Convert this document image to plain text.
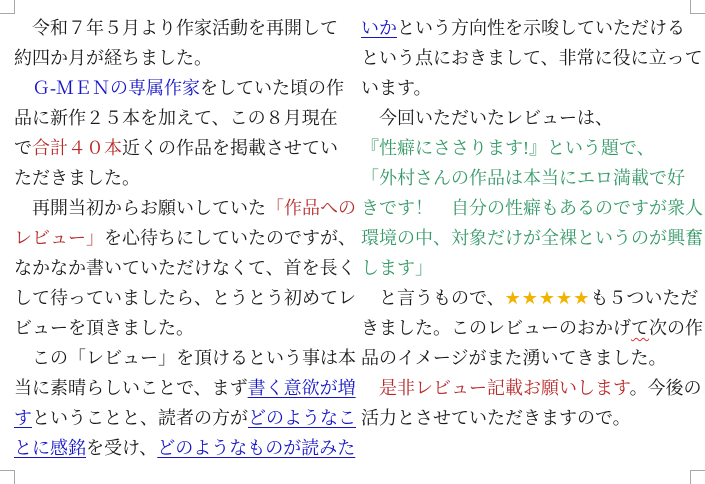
　令和７年５月より作家活動を再開して
約四か月が経ちました。
　Ｇ-ＭＥＮの専属作家をしていた頃の作
品に新作２５本を加えて、この８月現在
で合計４０本近くの作品を掲載させてい
ただきました。
　再開当初からお願いしていた「作品への
レビュー」を心待ちにしていたのですが、
なかなか書いていただけなくて、首を長く
して待っていましたら、とうとう初めてレ
ビューを頂きました。
　この「レビュー」を頂けるという事は本
当に素晴らしいことで、まず書く意欲が増
すということと、読者の方がどのようなこ
とに感銘を受け、どのようなものが読みた
いかという方向性を示唆していただける
という点におきまして、非常に役に立って
います。
　今回いただいたレビューは、
『性癖にささります!』という題で、
「外村さんの作品は本当にエロ満載で好
きです！　自分の性癖もあるのですが衆人
環境の中、対象だけが全裸というのが興奮
します」
　と言うもので、★★★★★も５ついただ
きました。このレビューのおかげて次の作
品のイメージがまた湧いてきました。
　是非レビュー記載お願いします。今後の
活力とさせていただきますので。
